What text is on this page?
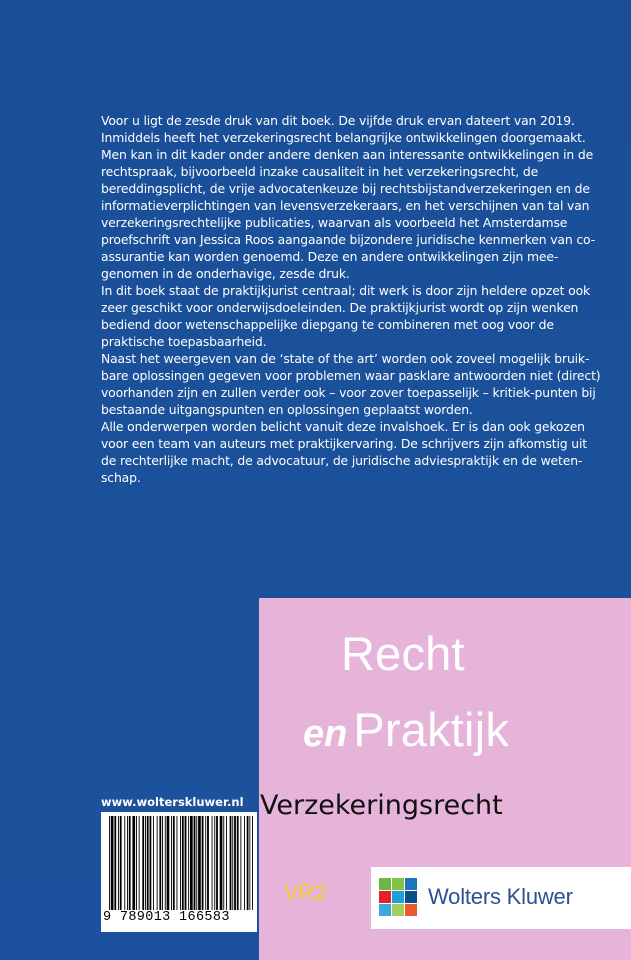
Voor u ligt de zesde druk van dit boek. De vijfde druk ervan dateert van 2019. Inmiddels heeft het verzekeringsrecht belangrijke ontwikkelingen doorgemaakt. Men kan in dit kader onder andere denken aan interessante ontwikkelingen in de rechtspraak, bijvoorbeeld inzake causaliteit in het verzekeringsrecht, de bereddingsplicht, de vrije advocatenkeuze bij rechtsbijstandverzekeringen en de informatieverplichtingen van levensverzekeraars, en het verschijnen van tal van verzekeringsrechtelijke publicaties, waarvan als voorbeeld het Amsterdamse proefschrift van Jessica Roos aangaande bijzondere juridische kenmerken van co-assurantie kan worden genoemd. Deze en andere ontwikkelingen zijn mee-genomen in de onderhavige, zesde druk.

In dit boek staat de praktijkjurist centraal; dit werk is door zijn heldere opzet ook zeer geschikt voor onderwijsdoeleinden. De praktijkjurist wordt op zijn wenken bediend door wetenschappelijke diepgang te combineren met oog voor de praktische toepasbaarheid.

Naast het weergeven van de ‘state of the art’ worden ook zoveel mogelijk bruik-bare oplossingen gegeven voor problemen waar pasklare antwoorden niet (direct) voorhanden zijn en zullen verder ook – voor zover toepasselijk – kritiek-punten bij bestaande uitgangspunten en oplossingen geplaatst worden.

Alle onderwerpen worden belicht vanuit deze invalshoek. Er is dan ook gekozen voor een team van auteurs met praktijkervaring. De schrijvers zijn afkomstig uit de rechterlijke macht, de advocatuur, de juridische adviespraktijk en de weten-schap.

www.wolterskluwer.nl
9 789013 166583
Recht
en Praktijk
Verzekeringsrecht
VR2	Wolters Kluwer
